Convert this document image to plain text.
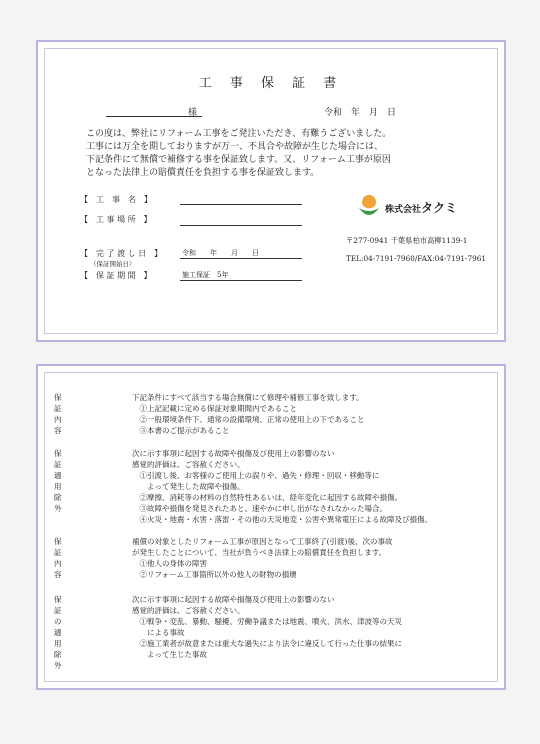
工 事 保 証 書
様	令和　年　月　日
この度は、弊社にリフォーム工事をご発注いただき、有難うございました。
工事には万全を期しておりますが万一、不具合や故障が生じた場合には、
下記条件にて無償で補修する事を保証致します。又、リフォーム工事が原因
となった法律上の賠償責任を負担する事を保証致します。
【　工　事　名　】
【　工 事 場 所　】
【　完 了 渡 し 日　】
（保証開始日）
令和　　年　　月　　日
【　保 証 期 間　】	施工保証　5年
株式会社タクミ
〒277-0941 千葉県柏市高柳1139-1
TEL:04-7191-7960/FAX:04-7191-7961
保証内容
下記条件にすべて該当する場合無償にて修理や補修工事を致します。
　①上記記載に定める保証対象期間内であること
　②一般環境条件下、通常の設備環境、正常の使用上の下であること
　③本書のご提示があること
保証適用除外
次に示す事項に起因する故障や損傷及び使用上の影響のない
感覚的評価は、ご容赦ください。
　①引渡し後、お客様のご使用上の誤りや、過失・修理・回収・移動等に
　　よって発生した故障や損傷。
　②摩擦、消耗等の材料の自然特性あるいは、経年変化に起因する故障や損傷。
　③故障や損傷を発見されたあと、速やかに申し出がなされなかった場合。
　④火災・地震・水害・落雷・その他の天災地変・公害や異常電圧による故障及び損傷。
保証内容
補償の対象としたリフォーム工事が原因となって工事終了(引渡)後、次の事故
が発生したことについて、当社が負うべき法律上の賠償責任を負担します。
　①他人の身体の障害
　②リフォーム工事箇所以外の他人の財物の損壊
保証の適用除外
次に示す事項に起因する故障や損傷及び使用上の影響のない
感覚的評価は、ご容赦ください。
　①戦争・変乱、暴動、騒擾、労働争議または地震、噴火、洪水、津波等の天災
　　による事故
　②施工業者が故意または重大な過失により法令に違反して行った仕事の結果に
　　よって生じた事故
